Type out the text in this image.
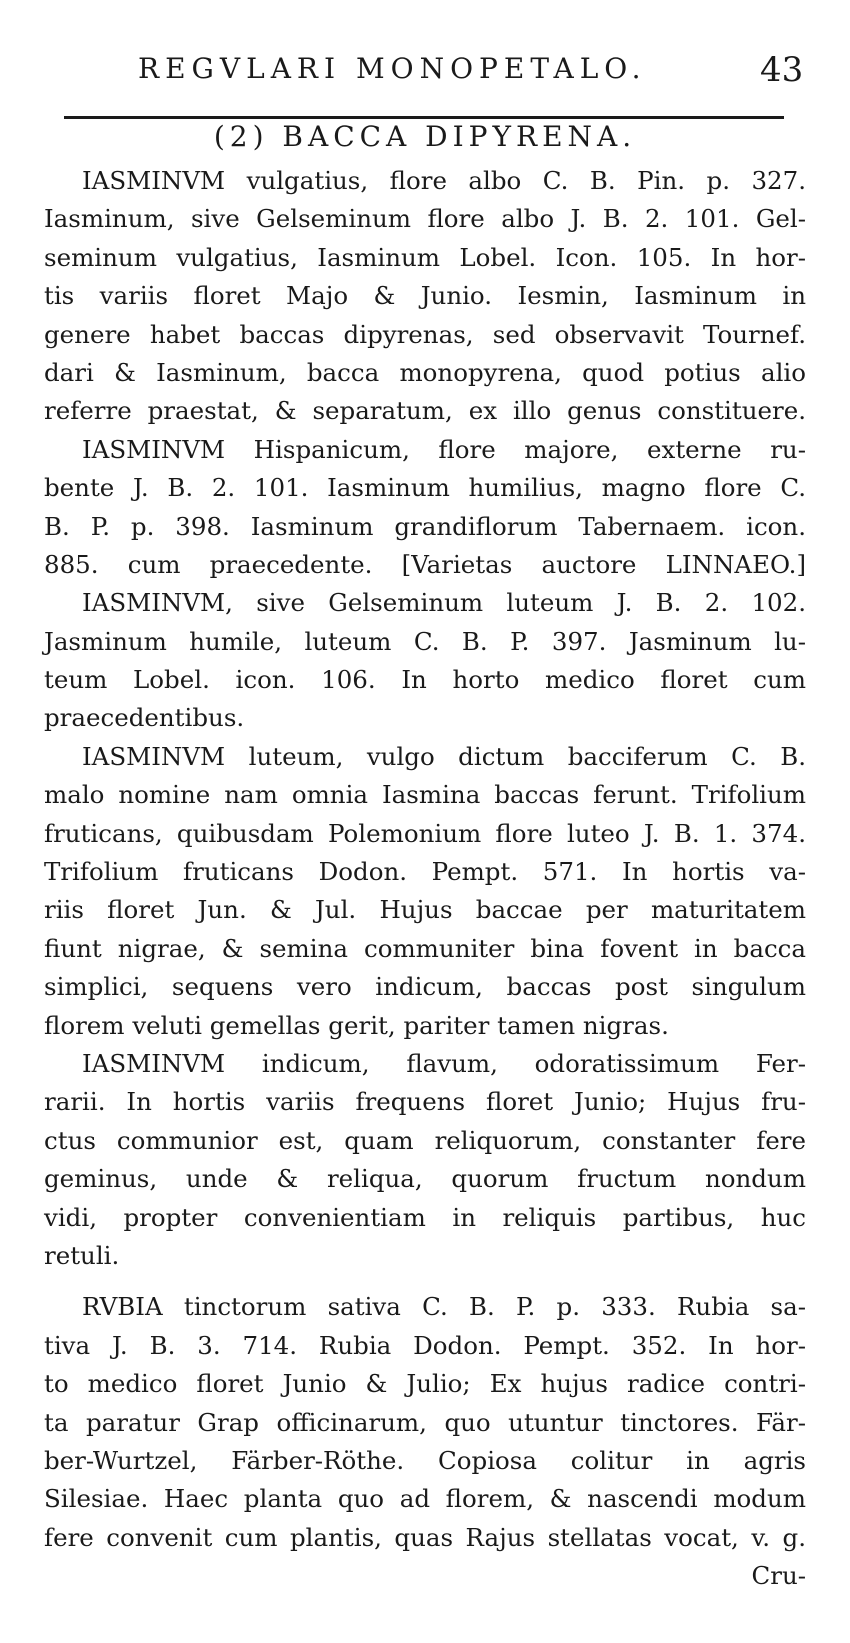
REGVLARI MONOPETALO.	43
(2) BACCA DIPYRENA.
IASMINVM vulgatius, flore albo C. B. Pin. p. 327.
Iasminum, sive Gelseminum flore albo J. B. 2. 101. Gel-
seminum vulgatius, Iasminum Lobel. Icon. 105. In hor-
tis variis floret Majo & Junio. Iesmin, Iasminum in
genere habet baccas dipyrenas, sed observavit Tournef.
dari & Iasminum, bacca monopyrena, quod potius alio
referre praestat, & separatum, ex illo genus constituere.
IASMINVM Hispanicum, flore majore, externe ru-
bente J. B. 2. 101. Iasminum humilius, magno flore C.
B. P. p. 398. Iasminum grandiflorum Tabernaem. icon.
885. cum praecedente. [Varietas auctore LINNAEO.]
IASMINVM, sive Gelseminum luteum J. B. 2. 102.
Jasminum humile, luteum C. B. P. 397. Jasminum lu-
teum Lobel. icon. 106. In horto medico floret cum
praecedentibus.
IASMINVM luteum, vulgo dictum bacciferum C. B.
malo nomine nam omnia Iasmina baccas ferunt. Trifolium
fruticans, quibusdam Polemonium flore luteo J. B. 1. 374.
Trifolium fruticans Dodon. Pempt. 571. In hortis va-
riis floret Jun. & Jul. Hujus baccae per maturitatem
fiunt nigrae, & semina communiter bina fovent in bacca
simplici, sequens vero indicum, baccas post singulum
florem veluti gemellas gerit, pariter tamen nigras.
IASMINVM indicum, flavum, odoratissimum Fer-
rarii. In hortis variis frequens floret Junio; Hujus fru-
ctus communior est, quam reliquorum, constanter fere
geminus, unde & reliqua, quorum fructum nondum
vidi, propter convenientiam in reliquis partibus, huc
retuli.
RVBIA tinctorum sativa C. B. P. p. 333. Rubia sa-
tiva J. B. 3. 714. Rubia Dodon. Pempt. 352. In hor-
to medico floret Junio & Julio; Ex hujus radice contri-
ta paratur Grap officinarum, quo utuntur tinctores. Fär-
ber-Wurtzel, Färber-Röthe. Copiosa colitur in agris
Silesiae. Haec planta quo ad florem, & nascendi modum
fere convenit cum plantis, quas Rajus stellatas vocat, v. g.
Cru-
